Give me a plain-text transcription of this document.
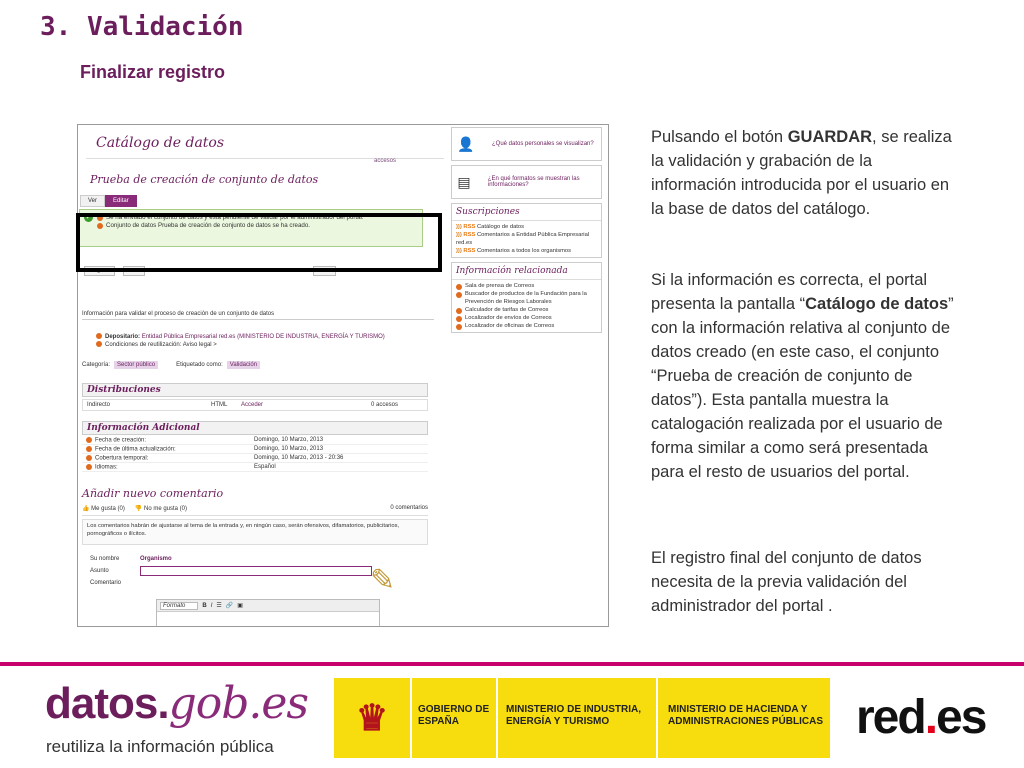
3. Validación
Finalizar registro
Catálogo de datos
accesos
Prueba de creación de conjunto de datos
Ver	Editar
✓ Se ha enviado el conjunto de datos y está pendiente de validar por el administrador del portal.
Conjunto de datos Prueba de creación de conjunto de datos se ha creado.
Me gusta	Tweet	Share
Información para validar el proceso de creación de un conjunto de datos
Depositario: Entidad Pública Empresarial red.es (MINISTERIO DE INDUSTRIA, ENERGÍA Y TURISMO)
Condiciones de reutilización: Aviso legal >
Categoría:	Sector público	Etiquetado como:	Validación
Distribuciones
Indirecto	HTML	Acceder	0 accesos
Información Adicional
Fecha de creación:	Domingo, 10 Marzo, 2013
Fecha de última actualización:	Domingo, 10 Marzo, 2013
Cobertura temporal:	Domingo, 10 Marzo, 2013 - 20:36
Idiomas:	Español
Añadir nuevo comentario
👍 Me gusta (0) 👎 No me gusta (0)	0 comentarios
Los comentarios habrán de ajustarse al tema de la entrada y, en ningún caso, serán ofensivos, difamatorios, publicitarios, pornográficos o ilícitos.
Su nombre	Organismo
Asunto
Comentario
Formato	B I ☰ 🔗 ▣
✎
👤	¿Qué datos personales se visualizan?
▤	¿En qué formatos se muestran las informaciones?
Suscripciones
))) RSS Catálogo de datos
))) RSS Comentarios a Entidad Pública Empresarial red.es
))) RSS Comentarios a todos los organismos
Información relacionada
Sala de prensa de Correos
Buscador de productos de la Fundación para la Prevención de Riesgos Laborales
Calculador de tarifas de Correos
Localizador de envíos de Correos
Localizador de oficinas de Correos
Pulsando el botón GUARDAR, se realiza la validación y grabación de la información introducida por el usuario en la base de datos del catálogo.
Si la información es correcta, el portal presenta la pantalla “Catálogo de datos” con la información relativa al conjunto de datos creado (en este caso, el conjunto “Prueba de creación de conjunto de datos”). Esta pantalla muestra la catalogación realizada por el usuario de forma similar a como será presentada para el resto de usuarios del portal.
El registro final del conjunto de datos necesita de la previa validación del administrador del portal .
datos.gob.es
reutiliza la información pública
♛	GOBIERNO DE ESPAÑA
MINISTERIO DE INDUSTRIA, ENERGÍA Y TURISMO
MINISTERIO DE HACIENDA Y ADMINISTRACIONES PÚBLICAS red.es
